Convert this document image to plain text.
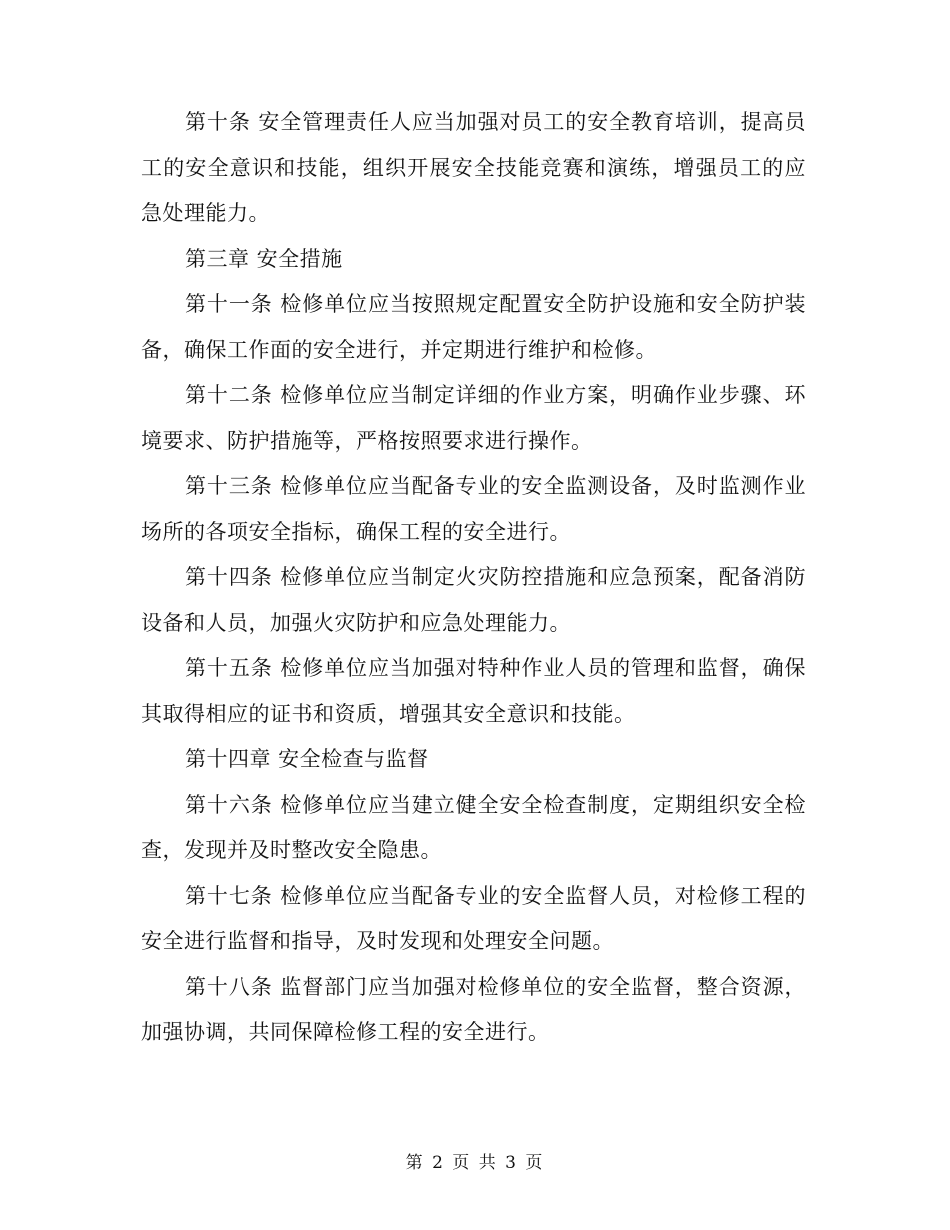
第十条 安全管理责任人应当加强对员工的安全教育培训，提高员工的安全意识和技能，组织开展安全技能竞赛和演练，增强员工的应急处理能力。

第三章 安全措施

第十一条 检修单位应当按照规定配置安全防护设施和安全防护装备，确保工作面的安全进行，并定期进行维护和检修。

第十二条 检修单位应当制定详细的作业方案，明确作业步骤、环境要求、防护措施等，严格按照要求进行操作。

第十三条 检修单位应当配备专业的安全监测设备，及时监测作业场所的各项安全指标，确保工程的安全进行。

第十四条 检修单位应当制定火灾防控措施和应急预案，配备消防设备和人员，加强火灾防护和应急处理能力。

第十五条 检修单位应当加强对特种作业人员的管理和监督，确保其取得相应的证书和资质，增强其安全意识和技能。

第十四章 安全检查与监督

第十六条 检修单位应当建立健全安全检查制度，定期组织安全检查，发现并及时整改安全隐患。

第十七条 检修单位应当配备专业的安全监督人员，对检修工程的安全进行监督和指导，及时发现和处理安全问题。

第十八条 监督部门应当加强对检修单位的安全监督，整合资源，加强协调，共同保障检修工程的安全进行。

第 2 页 共 3 页
